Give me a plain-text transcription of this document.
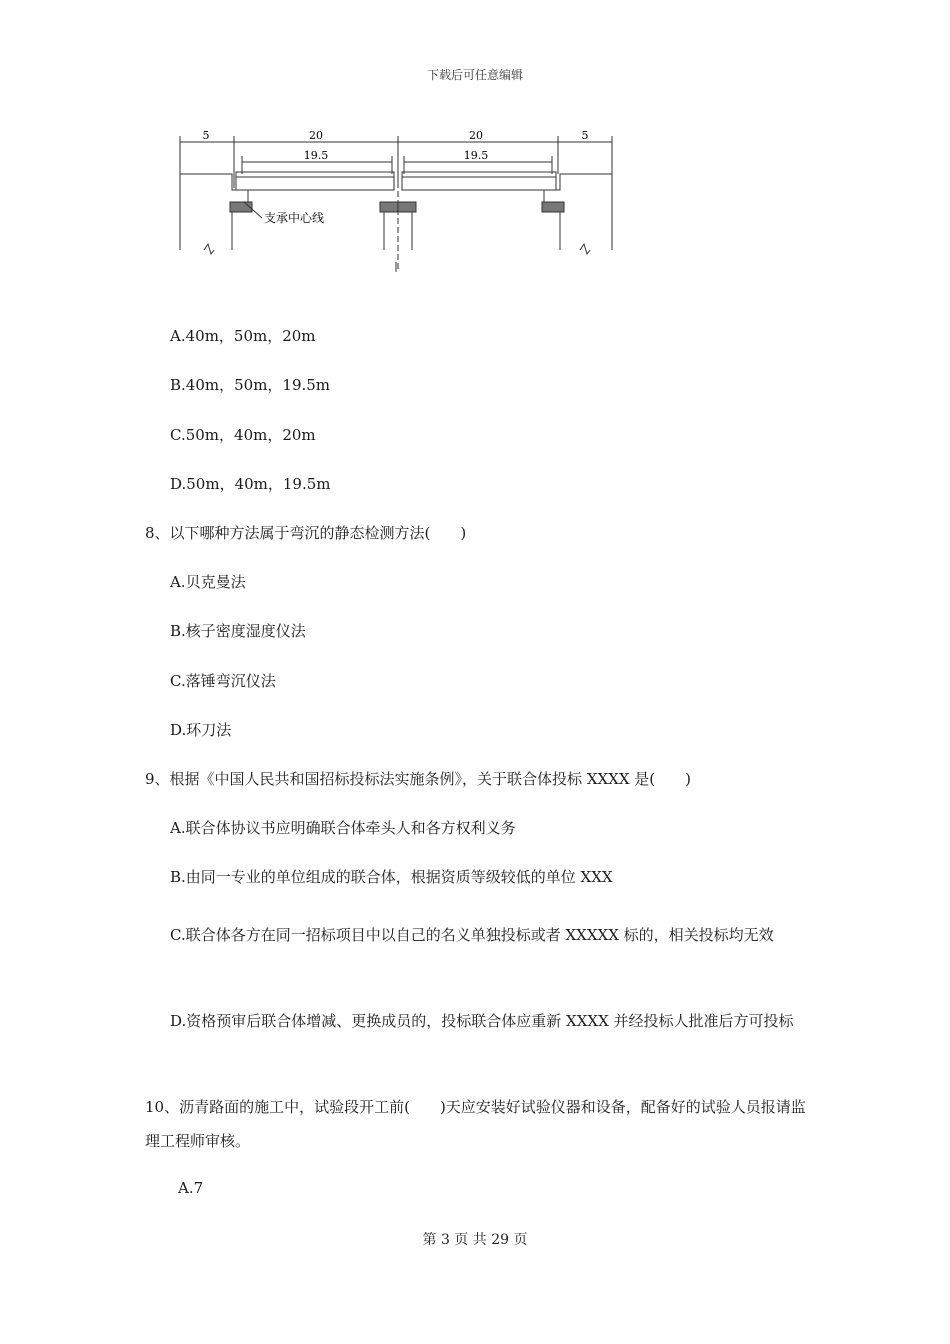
下载后可任意编辑
5	20
19.5
20
19.5
5
支承中心线
A.40m，50m，20m
B.40m，50m，19.5m
C.50m，40m，20m
D.50m，40m，19.5m
8、以下哪种方法属于弯沉的静态检测方法(　　)
A.贝克曼法
B.核子密度湿度仪法
C.落锤弯沉仪法
D.环刀法
9、根据《中国人民共和国招标投标法实施条例》，关于联合体投标 XXXX 是(　　)
A.联合体协议书应明确联合体牵头人和各方权利义务
B.由同一专业的单位组成的联合体，根据资质等级较低的单位 XXX
C.联合体各方在同一招标项目中以自己的名义单独投标或者 XXXXX 标的，相关投标均无效
D.资格预审后联合体增减、更换成员的，投标联合体应重新 XXXX 并经投标人批准后方可投标
10、沥青路面的施工中，试验段开工前(　　)天应安装好试验仪器和设备，配备好的试验人员报请监理工程师审核。
A.7
第 3 页 共 29 页
